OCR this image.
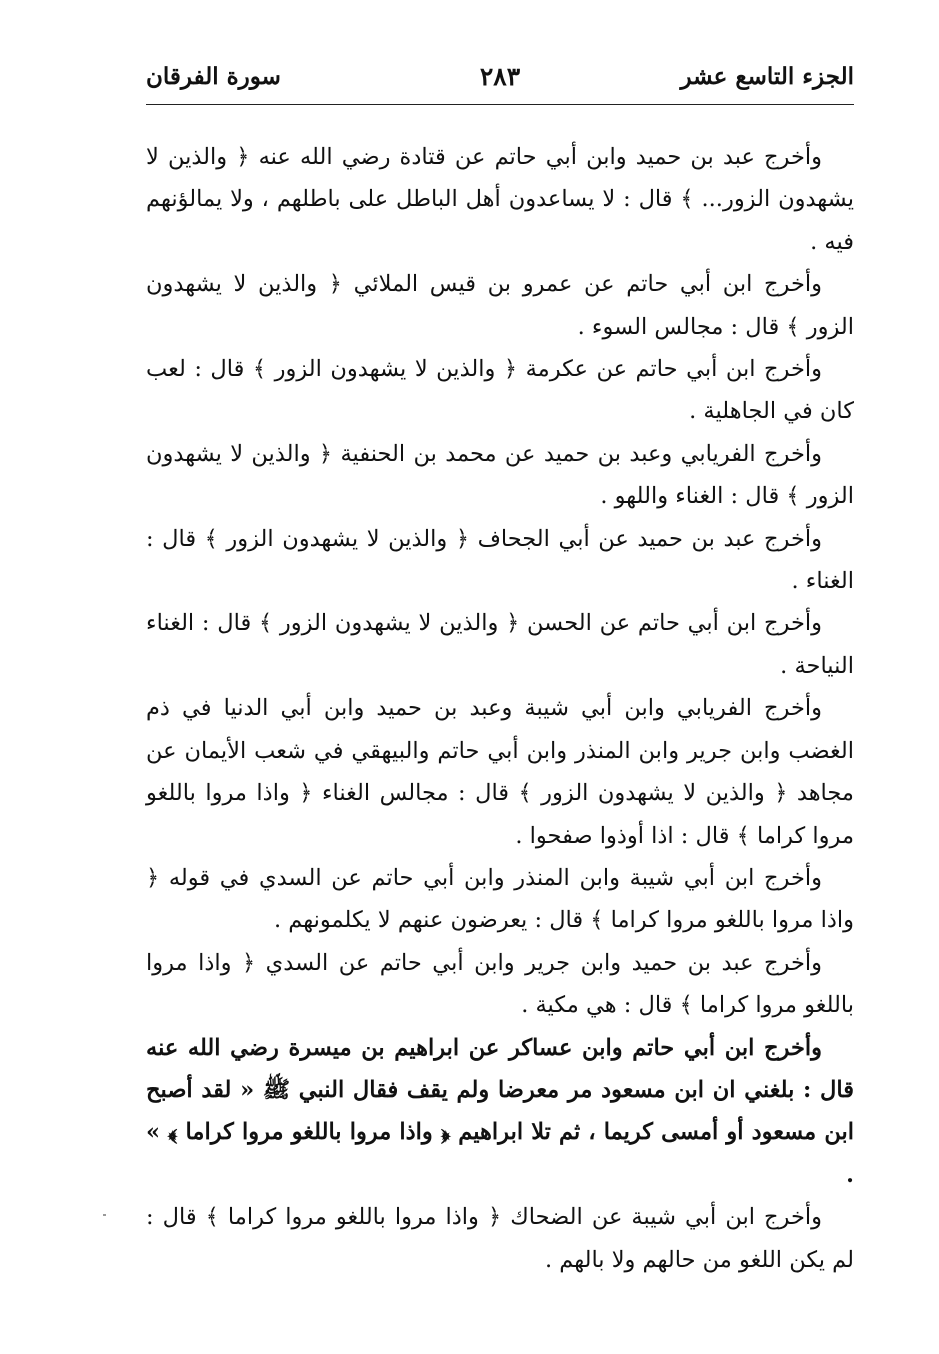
الجزء التاسع عشر
٢٨٣
سورة الفرقان

وأخرج عبد بن حميد وابن أبي حاتم عن قتادة رضي الله عنه ﴿ والذين لا يشهدون الزور... ﴾ قال : لا يساعدون أهل الباطل على باطلهم ، ولا يمالؤنهم فيه .

وأخرج ابن أبي حاتم عن عمرو بن قيس الملائي ﴿ والذين لا يشهدون الزور ﴾ قال : مجالس السوء .

وأخرج ابن أبي حاتم عن عكرمة ﴿ والذين لا يشهدون الزور ﴾ قال : لعب كان في الجاهلية .

وأخرج الفريابي وعبد بن حميد عن محمد بن الحنفية ﴿ والذين لا يشهدون الزور ﴾ قال : الغناء واللهو .

وأخرج عبد بن حميد عن أبي الجحاف ﴿ والذين لا يشهدون الزور ﴾ قال : الغناء .

وأخرج ابن أبي حاتم عن الحسن ﴿ والذين لا يشهدون الزور ﴾ قال : الغناء النياحة .

وأخرج الفريابي وابن أبي شيبة وعبد بن حميد وابن أبي الدنيا في ذم الغضب وابن جرير وابن المنذر وابن أبي حاتم والبيهقي في شعب الأيمان عن مجاهد ﴿ والذين لا يشهدون الزور ﴾ قال : مجالس الغناء ﴿ واذا مروا باللغو مروا كراما ﴾ قال : اذا أوذوا صفحوا .

وأخرج ابن أبي شيبة وابن المنذر وابن أبي حاتم عن السدي في قوله ﴿ واذا مروا باللغو مروا كراما ﴾ قال : يعرضون عنهم لا يكلمونهم .

وأخرج عبد بن حميد وابن جرير وابن أبي حاتم عن السدي ﴿ واذا مروا باللغو مروا كراما ﴾ قال : هي مكية .

وأخرج ابن أبي حاتم وابن عساكر عن ابراهيم بن ميسرة رضي الله عنه قال : بلغني ان ابن مسعود مر معرضا ولم يقف فقال النبي ﷺ « لقد أصبح ابن مسعود أو أمسى كريما ، ثم تلا ابراهيم ﴿ واذا مروا باللغو مروا كراما ﴾ » .

وأخرج ابن أبي شيبة عن الضحاك ﴿ واذا مروا باللغو مروا كراما ﴾ قال : لم يكن اللغو من حالهم ولا بالهم .
